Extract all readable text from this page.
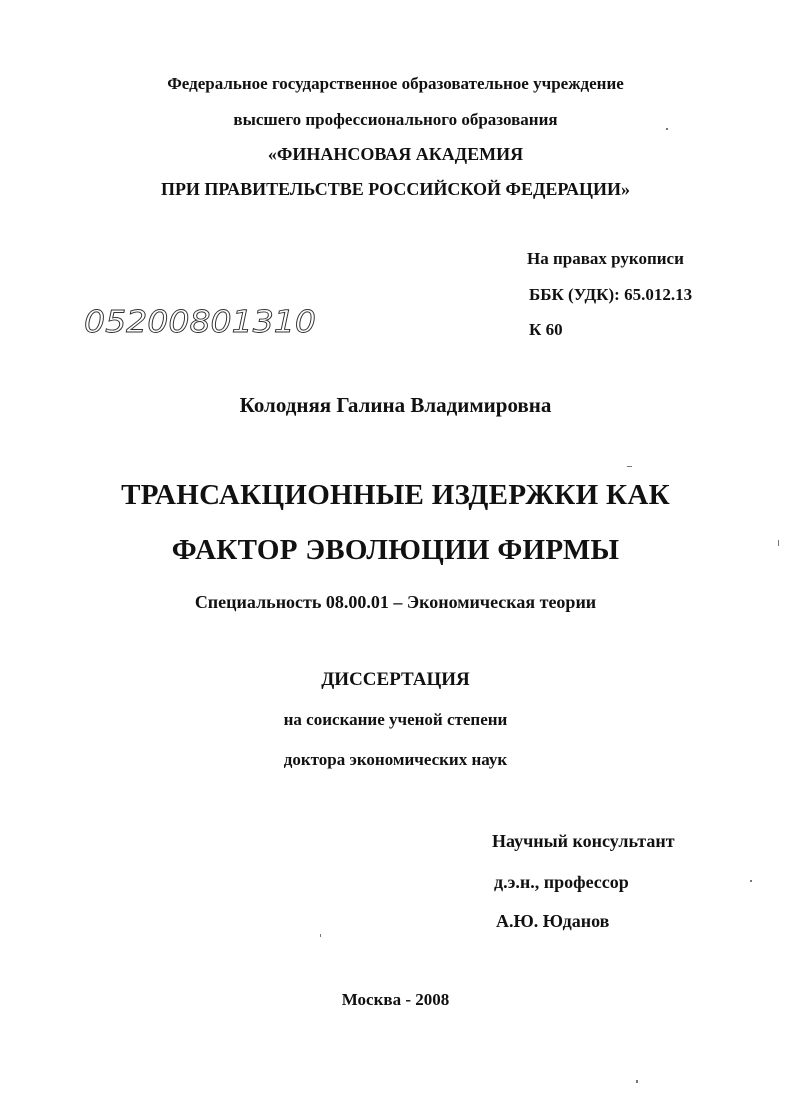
Федеральное государственное образовательное учреждение
высшего профессионального образования
«ФИНАНСОВАЯ АКАДЕМИЯ
ПРИ ПРАВИТЕЛЬСТВЕ РОССИЙСКОЙ ФЕДЕРАЦИИ»
На правах рукописи
ББК (УДК): 65.012.13
К 60
05200801310
Колодняя Галина Владимировна
ТРАНСАКЦИОННЫЕ ИЗДЕРЖКИ КАК
ФАКТОР ЭВОЛЮЦИИ ФИРМЫ
Специальность 08.00.01 – Экономическая теории
ДИССЕРТАЦИЯ
на соискание ученой степени
доктора экономических наук
Научный консультант
д.э.н., профессор
А.Ю. Юданов
Москва - 2008
